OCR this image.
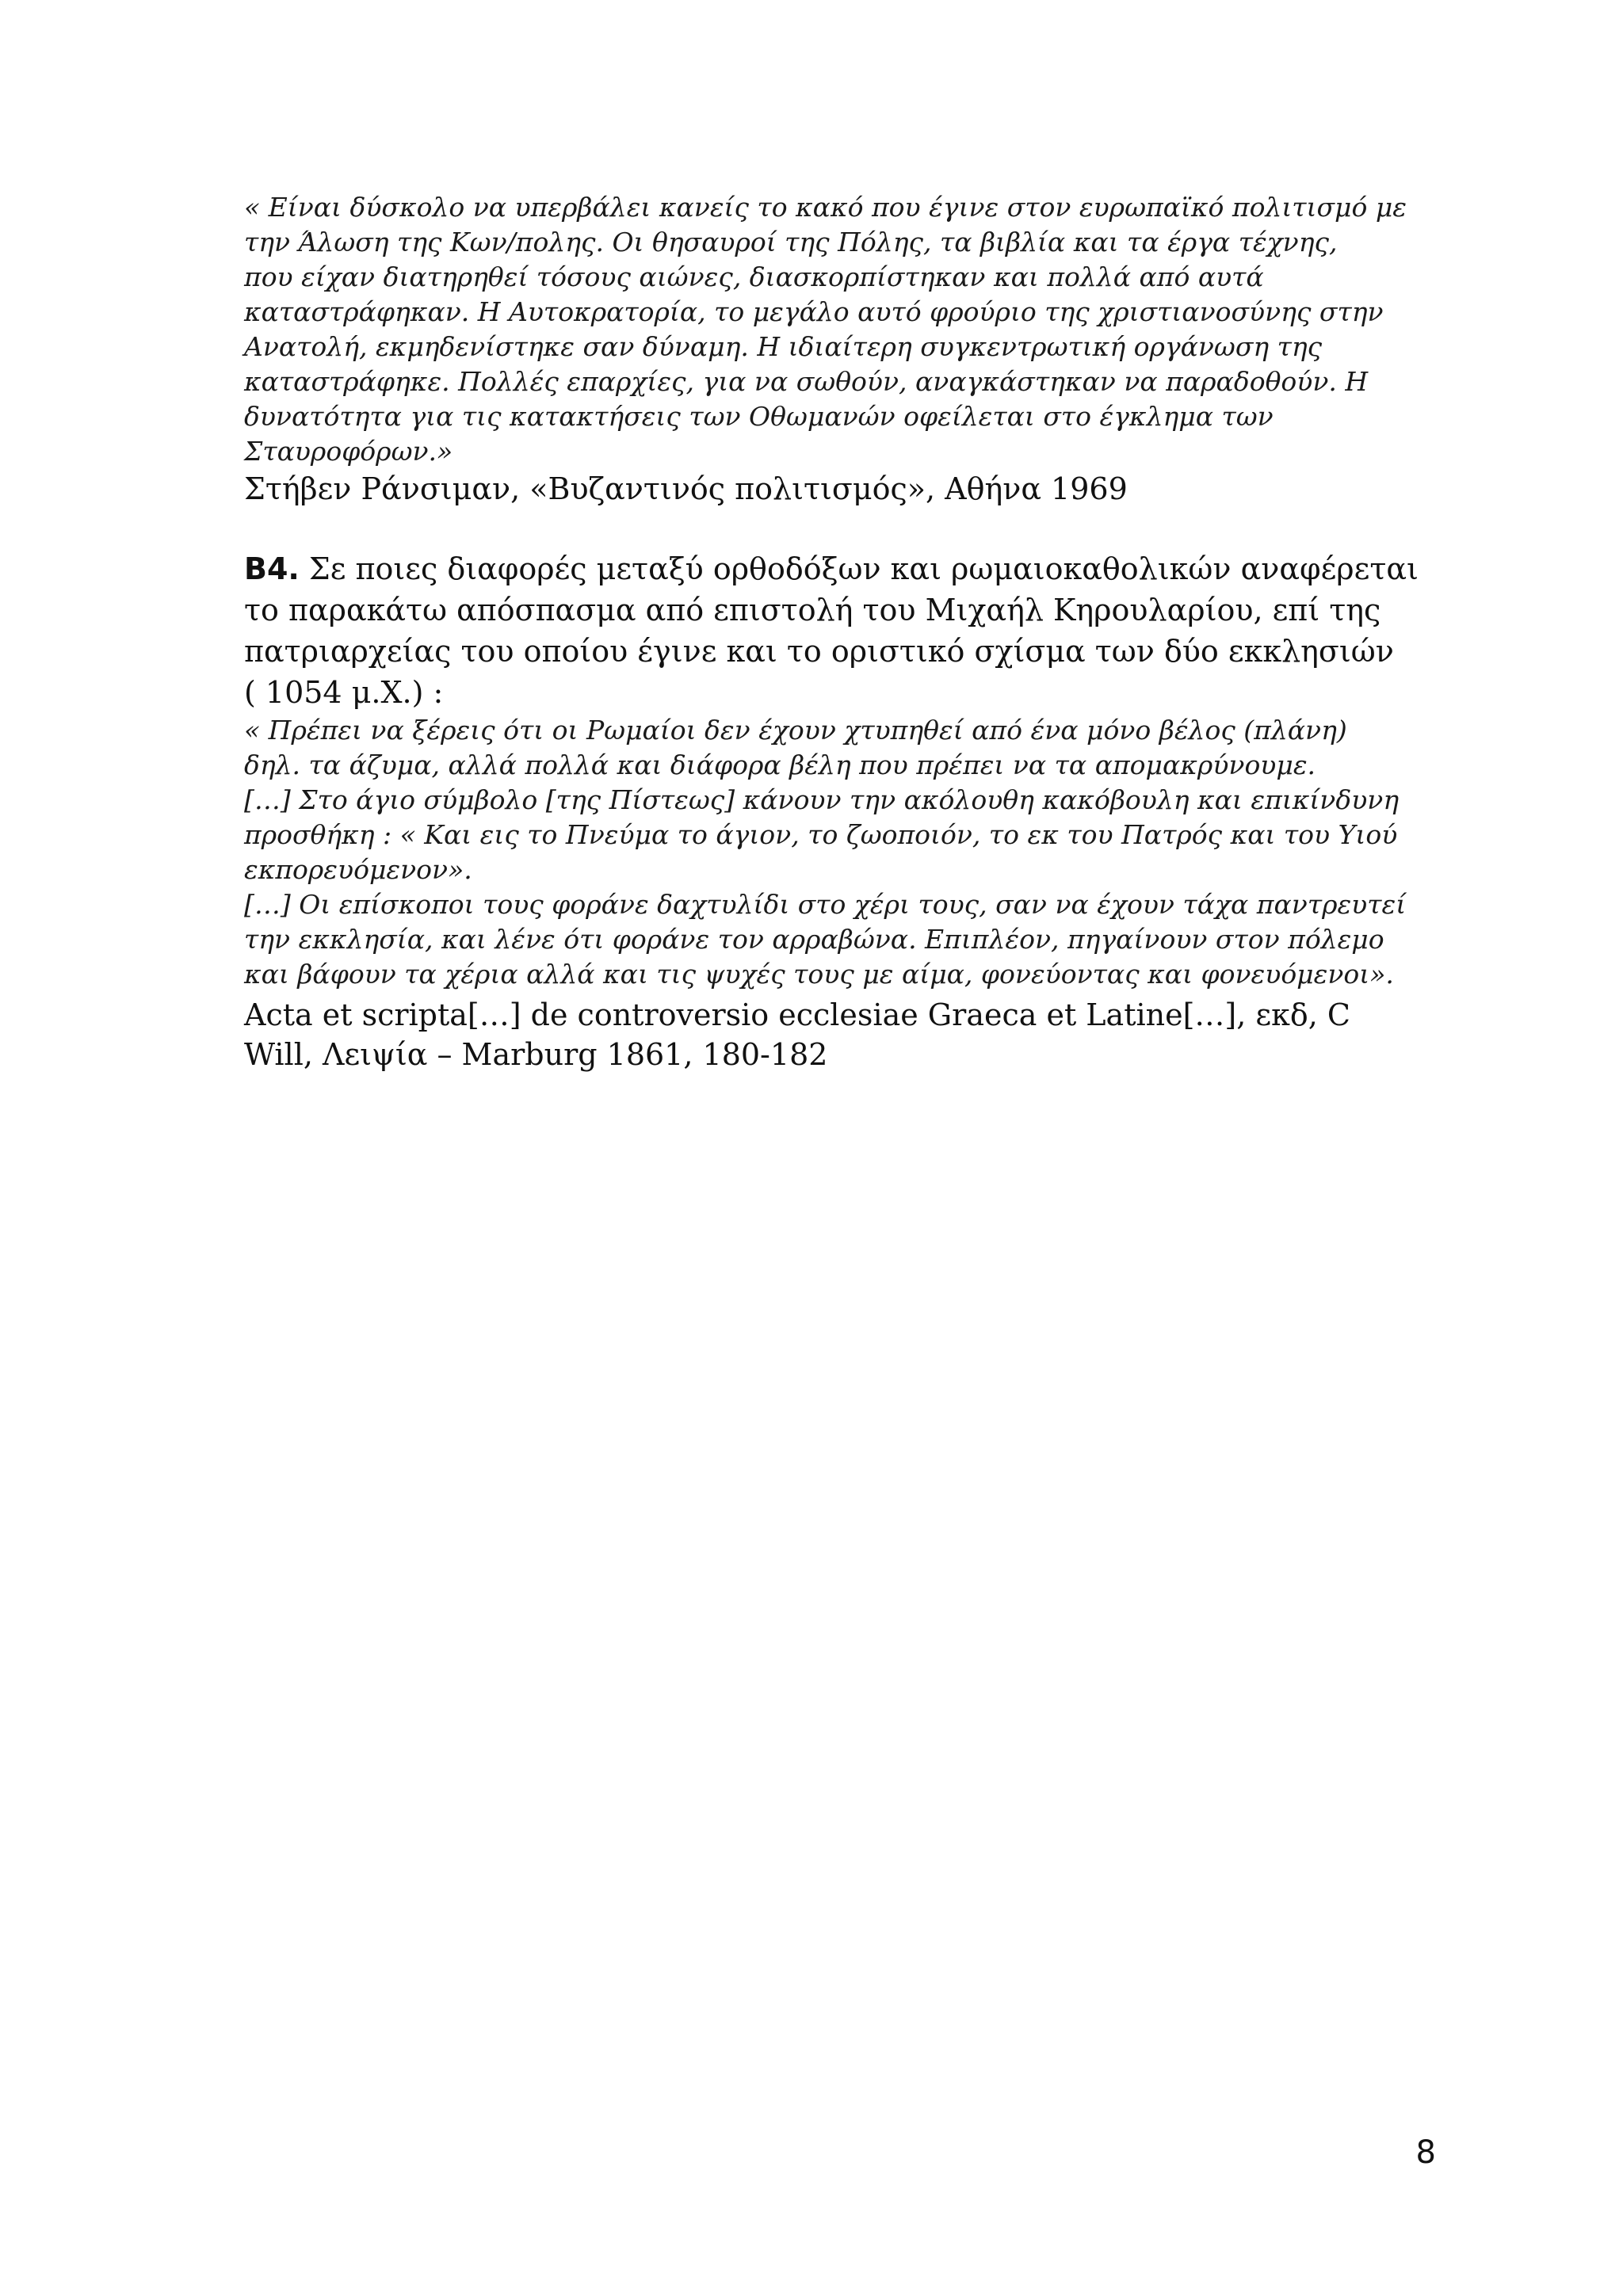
« Είναι δύσκολο να υπερβάλει κανείς το κακό που έγινε στον ευρωπαϊκό πολιτισμό με
την Άλωση της Κων/πολης. Οι θησαυροί της Πόλης, τα βιβλία και τα έργα τέχνης,
που είχαν διατηρηθεί τόσους αιώνες, διασκορπίστηκαν και πολλά από αυτά
καταστράφηκαν. Η Αυτοκρατορία, το μεγάλο αυτό φρούριο της χριστιανοσύνης στην
Ανατολή, εκμηδενίστηκε σαν δύναμη. Η ιδιαίτερη συγκεντρωτική οργάνωση της
καταστράφηκε. Πολλές επαρχίες, για να σωθούν, αναγκάστηκαν να παραδοθούν. Η
δυνατότητα για τις κατακτήσεις των Οθωμανών οφείλεται στο έγκλημα των
Σταυροφόρων.»
Στήβεν Ράνσιμαν, «Βυζαντινός πολιτισμός», Αθήνα 1969
Β4. Σε ποιες διαφορές μεταξύ ορθοδόξων και ρωμαιοκαθολικών αναφέρεται
το παρακάτω απόσπασμα από επιστολή του Μιχαήλ Κηρουλαρίου, επί της
πατριαρχείας του οποίου έγινε και το οριστικό σχίσμα των δύο εκκλησιών
( 1054 μ.Χ.) :
« Πρέπει να ξέρεις ότι οι Ρωμαίοι δεν έχουν χτυπηθεί από ένα μόνο βέλος (πλάνη)
δηλ. τα άζυμα, αλλά πολλά και διάφορα βέλη που πρέπει να τα απομακρύνουμε.
[…] Στο άγιο σύμβολο [της Πίστεως] κάνουν την ακόλουθη κακόβουλη και επικίνδυνη
προσθήκη : « Και εις το Πνεύμα το άγιον, το ζωοποιόν, το εκ του Πατρός και του Υιού
εκπορευόμενον».
[…] Οι επίσκοποι τους φοράνε δαχτυλίδι στο χέρι τους, σαν να έχουν τάχα παντρευτεί
την εκκλησία, και λένε ότι φοράνε τον αρραβώνα. Επιπλέον, πηγαίνουν στον πόλεμο
και βάφουν τα χέρια αλλά και τις ψυχές τους με αίμα, φονεύοντας και φονευόμενοι».
Acta et scripta[…] de controversio ecclesiae Graeca et Latine[…], εκδ, C
Will, Λειψία – Marburg 1861, 180-182
8
